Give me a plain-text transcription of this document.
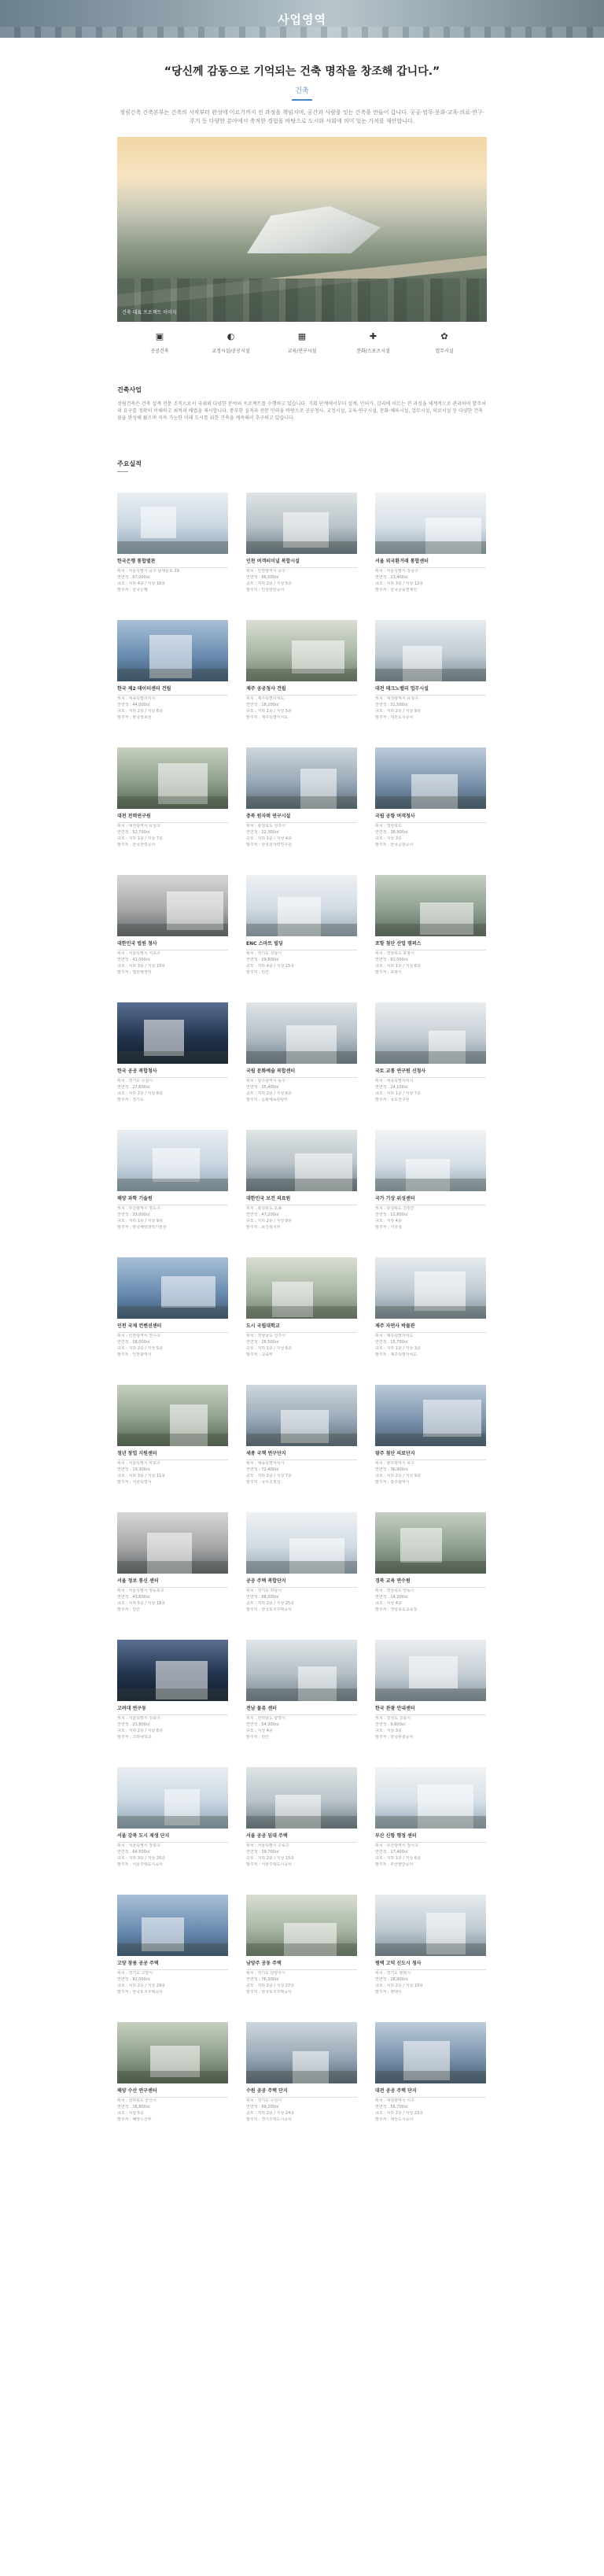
사업영역
“당신께 감동으로 기억되는 건축 명작을 창조해 갑니다.”
건축

정림건축 건축본부는 건축의 시작부터 완성에 이르기까지 전 과정을 책임지며, 공간과 사람을 잇는 건축을 만들어 갑니다. 공공·업무·문화·교육·의료·연구·주거 등 다양한 분야에서 축적한 경험을 바탕으로 도시와 사회에 의미 있는 가치를 제안합니다.

건축 대표 프로젝트 이미지
▣
공공건축
◐
교정시설/공공시설
▦
교육/연구시설
✚
문화/스포츠시설
✿
업무시설
건축사업
정림건축은 건축 설계 전문 조직으로서 국내외 다양한 분야의 프로젝트를 수행하고 있습니다. 기획 단계에서부터 설계, 인허가, 감리에 이르는 전 과정을 체계적으로 관리하며 발주처의 요구를 정확히 이해하고 최적의 해법을 제시합니다. 풍부한 실적과 전문 인력을 바탕으로 공공청사, 교정시설, 교육·연구시설, 문화·체육시설, 업무시설, 의료시설 등 다양한 건축물을 완성해 왔으며 지속 가능한 미래 도시를 위한 건축을 계속해서 추구하고 있습니다.
주요실적
한국은행 통합별관
위치 : 서울특별시 중구 남대문로 39
연면적 : 67,000㎡
규모 : 지하 4층 / 지상 16층
발주처 : 한국은행
인천 여객터미널 복합시설
위치 : 인천광역시 중구
연면적 : 66,000㎡
규모 : 지하 2층 / 지상 5층
발주처 : 인천항만공사
서울 외국환거래 통합센터
위치 : 서울특별시 강남구
연면적 : 23,400㎡
규모 : 지하 3층 / 지상 12층
발주처 : 한국금융결제원
한국 제2 데이터센터 건립
위치 : 세종특별자치시
연면적 : 44,000㎡
규모 : 지하 2층 / 지상 6층
발주처 : 한국정보원
제주 공공청사 건립
위치 : 제주특별자치도
연면적 : 18,200㎡
규모 : 지하 1층 / 지상 5층
발주처 : 제주특별자치도
대전 테크노밸리 업무시설
위치 : 대전광역시 유성구
연면적 : 31,500㎡
규모 : 지하 2층 / 지상 9층
발주처 : 대전도시공사
대전 전력연구원
위치 : 대전광역시 유성구
연면적 : 52,700㎡
규모 : 지하 1층 / 지상 7층
발주처 : 한국전력공사
충북 원자력 연구시설
위치 : 충청북도 청주시
연면적 : 22,300㎡
규모 : 지하 1층 / 지상 4층
발주처 : 한국원자력연구원
국립 공항 여객청사
위치 : 경상북도
연면적 : 38,900㎡
규모 : 지상 3층
발주처 : 한국공항공사
대한민국 법원 청사
위치 : 서울특별시 서초구
연면적 : 41,000㎡
규모 : 지하 3층 / 지상 10층
발주처 : 법원행정처
ENC 스마트 빌딩
위치 : 경기도 성남시
연면적 : 29,800㎡
규모 : 지하 4층 / 지상 15층
발주처 : 민간
포항 첨단 산업 캠퍼스
위치 : 경상북도 포항시
연면적 : 61,000㎡
규모 : 지하 1층 / 지상 6층
발주처 : 포항시
한국 공공 복합청사
위치 : 경기도 수원시
연면적 : 27,600㎡
규모 : 지하 2층 / 지상 8층
발주처 : 경기도
국립 문화예술 복합센터
위치 : 광주광역시 동구
연면적 : 35,400㎡
규모 : 지하 2층 / 지상 6층
발주처 : 문화체육관광부
국토 교통 연구원 신청사
위치 : 세종특별자치시
연면적 : 24,100㎡
규모 : 지하 1층 / 지상 7층
발주처 : 국토연구원
해양 과학 기술원
위치 : 부산광역시 영도구
연면적 : 33,000㎡
규모 : 지하 1층 / 지상 9층
발주처 : 한국해양과학기술원
대한민국 보건 의료원
위치 : 충청북도 오송
연면적 : 47,200㎡
규모 : 지하 2층 / 지상 8층
발주처 : 보건복지부
국가 기상 위성센터
위치 : 충청북도 진천군
연면적 : 12,800㎡
규모 : 지상 4층
발주처 : 기상청
인천 국제 컨벤션센터
위치 : 인천광역시 연수구
연면적 : 58,000㎡
규모 : 지하 2층 / 지상 5층
발주처 : 인천광역시
도시 국립대학교
위치 : 경상남도 진주시
연면적 : 26,500㎡
규모 : 지하 1층 / 지상 6층
발주처 : 교육부
제주 자연사 박물관
위치 : 제주특별자치도
연면적 : 15,700㎡
규모 : 지하 1층 / 지상 3층
발주처 : 제주특별자치도
청년 창업 지원센터
위치 : 서울특별시 마포구
연면적 : 19,300㎡
규모 : 지하 3층 / 지상 11층
발주처 : 서울특별시
세종 국책 연구단지
위치 : 세종특별자치시
연면적 : 72,400㎡
규모 : 지하 2층 / 지상 7층
발주처 : 국무조정실
광주 첨단 의료단지
위치 : 광주광역시 북구
연면적 : 36,900㎡
규모 : 지하 2층 / 지상 9층
발주처 : 광주광역시
서울 정보 통신 센터
위치 : 서울특별시 영등포구
연면적 : 43,600㎡
규모 : 지하 5층 / 지상 18층
발주처 : 민간
공공 주택 복합단지
위치 : 경기도 하남시
연면적 : 88,000㎡
규모 : 지하 2층 / 지상 25층
발주처 : 한국토지주택공사
경북 교육 연수원
위치 : 경상북도 안동시
연면적 : 14,200㎡
규모 : 지상 4층
발주처 : 경상북도교육청
고려대 연구동
위치 : 서울특별시 성북구
연면적 : 21,800㎡
규모 : 지하 2층 / 지상 8층
발주처 : 고려대학교
전남 물류 센터
위치 : 전라남도 광양시
연면적 : 54,300㎡
규모 : 지상 4층
발주처 : 민간
한국 관광 안내센터
위치 : 강원도 강릉시
연면적 : 9,600㎡
규모 : 지상 3층
발주처 : 한국관광공사
서울 강북 도시 재생 단지
위치 : 서울특별시 강북구
연면적 : 64,500㎡
규모 : 지하 3층 / 지상 20층
발주처 : 서울주택도시공사
서울 공공 임대 주택
위치 : 서울특별시 구로구
연면적 : 39,700㎡
규모 : 지하 2층 / 지상 15층
발주처 : 서울주택도시공사
부산 신항 행정 센터
위치 : 부산광역시 강서구
연면적 : 17,400㎡
규모 : 지하 1층 / 지상 6층
발주처 : 부산항만공사
고양 창릉 공공 주택
위치 : 경기도 고양시
연면적 : 92,000㎡
규모 : 지하 2층 / 지상 29층
발주처 : 한국토지주택공사
남양주 공동 주택
위치 : 경기도 남양주시
연면적 : 76,300㎡
규모 : 지하 2층 / 지상 27층
발주처 : 한국토지주택공사
평택 고덕 신도시 청사
위치 : 경기도 평택시
연면적 : 28,900㎡
규모 : 지하 2층 / 지상 10층
발주처 : 평택시
해양 수산 연구센터
위치 : 전라북도 군산시
연면적 : 16,800㎡
규모 : 지상 5층
발주처 : 해양수산부
수원 공공 주택 단지
위치 : 경기도 수원시
연면적 : 69,200㎡
규모 : 지하 2층 / 지상 24층
발주처 : 경기주택도시공사
대전 공공 주택 단지
위치 : 대전광역시 서구
연면적 : 58,700㎡
규모 : 지하 2층 / 지상 23층
발주처 : 대전도시공사
